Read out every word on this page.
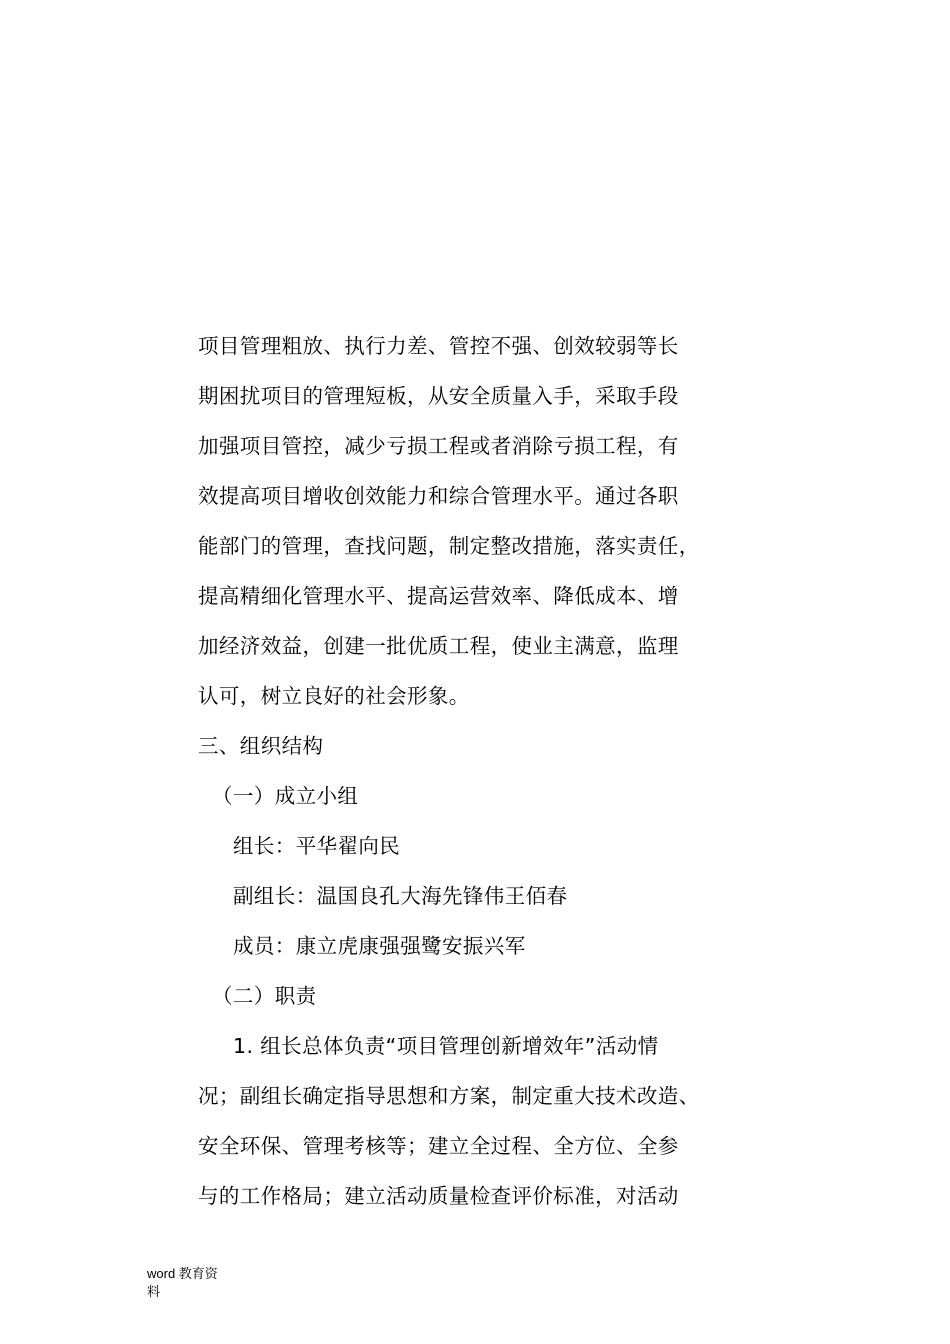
项目管理粗放、执行力差、管控不强、创效较弱等长
期困扰项目的管理短板，从安全质量入手，采取手段
加强项目管控，减少亏损工程或者消除亏损工程，有
效提高项目增收创效能力和综合管理水平。通过各职
能部门的管理，查找问题，制定整改措施，落实责任，
提高精细化管理水平、提高运营效率、降低成本、增
加经济效益，创建一批优质工程，使业主满意，监理
认可，树立良好的社会形象。
三、组织结构
（一）成立小组
组长：平华翟向民
副组长：温国良孔大海先锋伟王佰春
成员：康立虎康强强鹭安振兴军
（二）职责
1. 组长总体负责“项目管理创新增效年”活动情
况；副组长确定指导思想和方案，制定重大技术改造、
安全环保、管理考核等；建立全过程、全方位、全参
与的工作格局；建立活动质量检查评价标准，对活动
word 教育资
料
